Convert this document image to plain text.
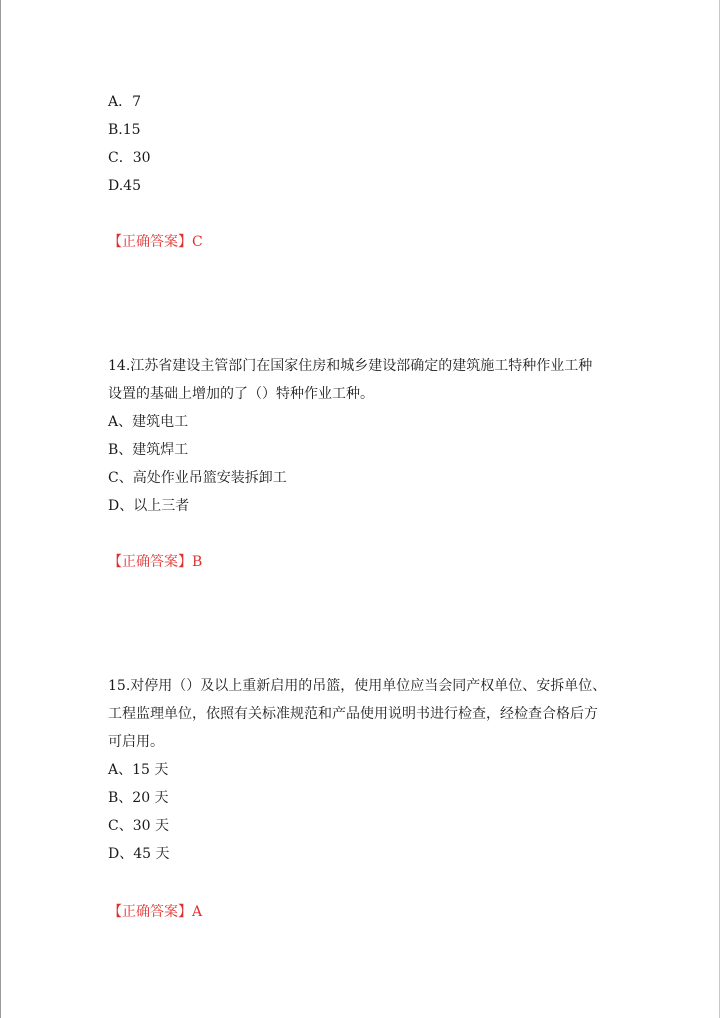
A．7
B.15
C．30
D.45
【正确答案】C
14.江苏省建设主管部门在国家住房和城乡建设部确定的建筑施工特种作业工种
设置的基础上增加的了（）特种作业工种。
A、建筑电工
B、建筑焊工
C、高处作业吊篮安装拆卸工
D、以上三者
【正确答案】B
15.对停用（）及以上重新启用的吊篮，使用单位应当会同产权单位、安拆单位、
工程监理单位，依照有关标准规范和产品使用说明书进行检查，经检查合格后方
可启用。
A、15 天
B、20 天
C、30 天
D、45 天
【正确答案】A
